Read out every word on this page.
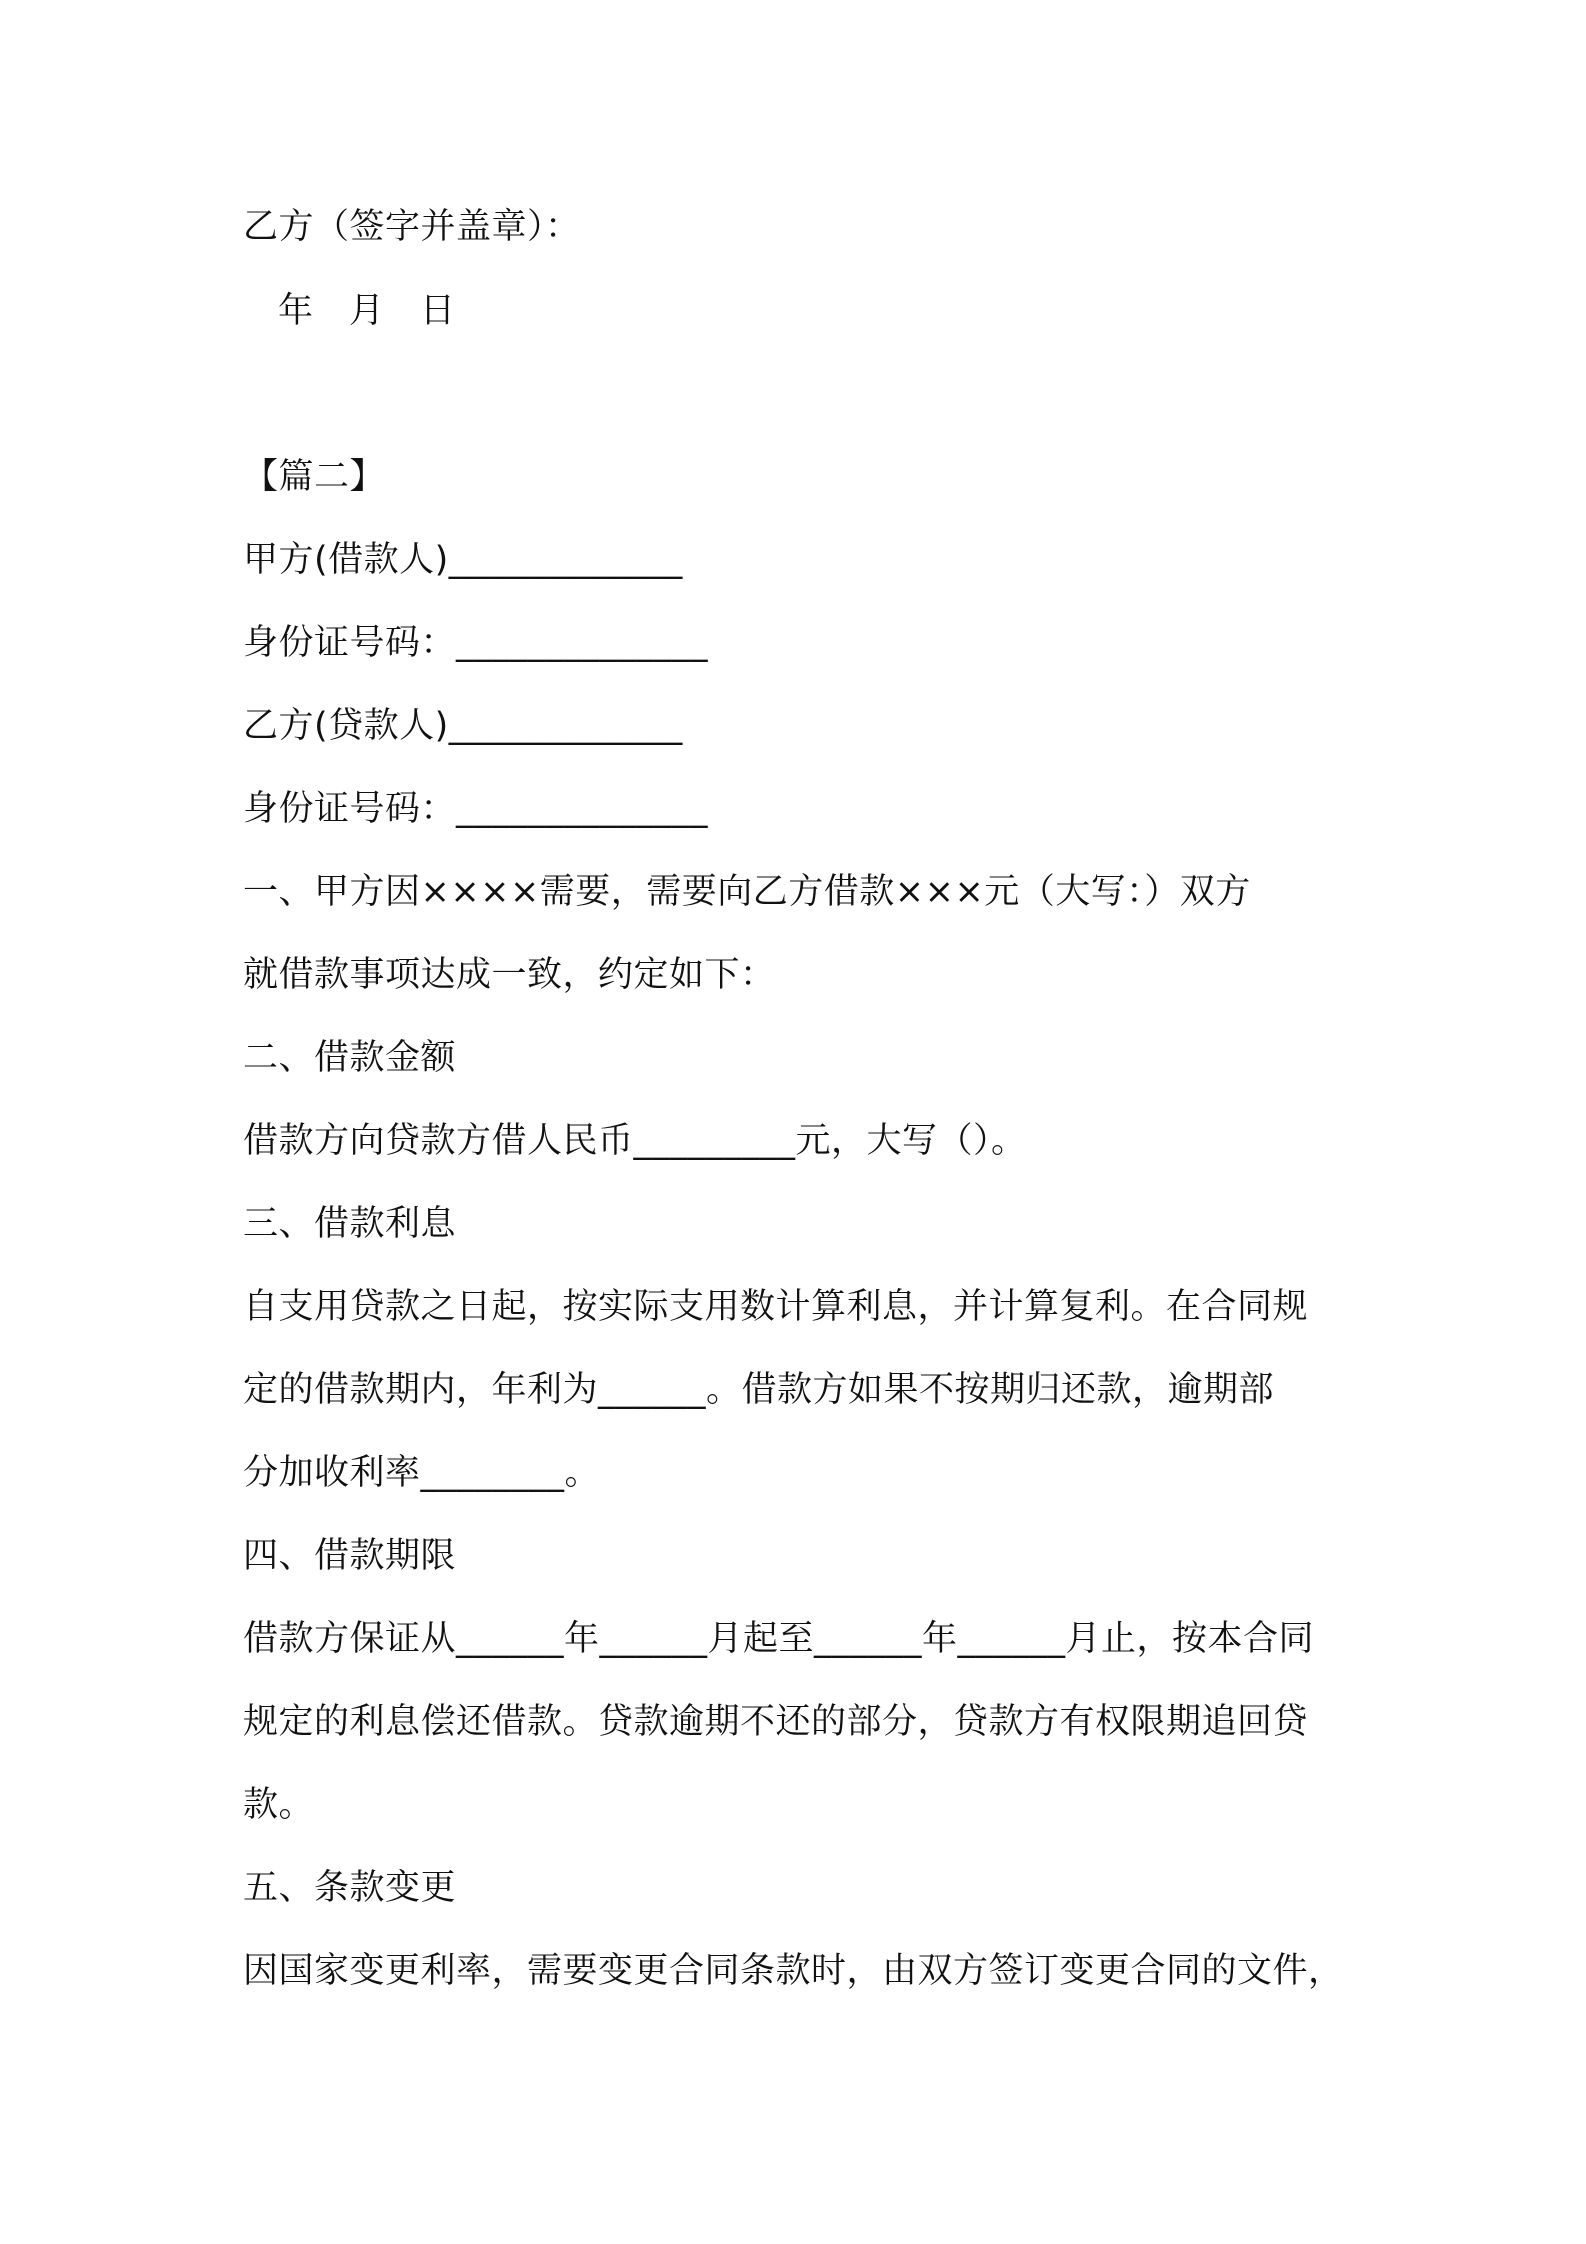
乙方（签字并盖章）：
年　月　日
【篇二】
甲方(借款人)_____________
身份证号码：______________
乙方(贷款人)_____________
身份证号码：______________
一、甲方因××××需要，需要向乙方借款×××元（大写：）双方
就借款事项达成一致，约定如下：
二、借款金额
借款方向贷款方借人民币_________元，大写（）。
三、借款利息
自支用贷款之日起，按实际支用数计算利息，并计算复利。在合同规
定的借款期内，年利为______。借款方如果不按期归还款，逾期部
分加收利率________。
四、借款期限
借款方保证从______年______月起至______年______月止，按本合同
规定的利息偿还借款。贷款逾期不还的部分，贷款方有权限期追回贷
款。
五、条款变更
因国家变更利率，需要变更合同条款时，由双方签订变更合同的文件，
